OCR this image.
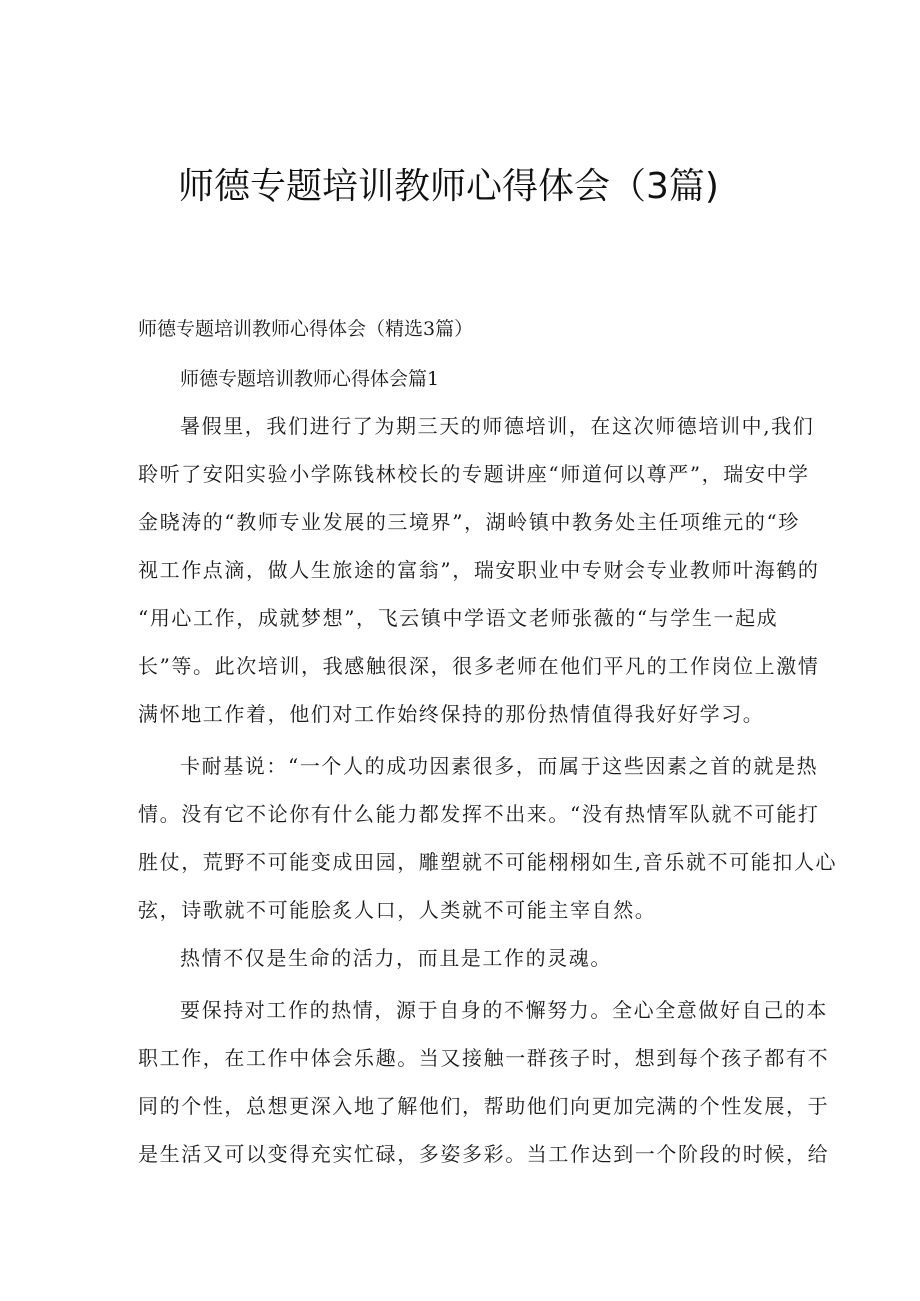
师德专题培训教师心得体会（3篇)

师德专题培训教师心得体会（精选3篇）

师德专题培训教师心得体会篇1

暑假里，我们进行了为期三天的师德培训，在这次师德培训中,我们

聆听了安阳实验小学陈钱林校长的专题讲座“师道何以尊严”，瑞安中学

金晓涛的“教师专业发展的三境界”，湖岭镇中教务处主任项维元的“珍

视工作点滴，做人生旅途的富翁”，瑞安职业中专财会专业教师叶海鹤的

“用心工作，成就梦想”，飞云镇中学语文老师张薇的“与学生一起成

长”等。此次培训，我感触很深，很多老师在他们平凡的工作岗位上激情

满怀地工作着，他们对工作始终保持的那份热情值得我好好学习。

卡耐基说：“一个人的成功因素很多，而属于这些因素之首的就是热

情。没有它不论你有什么能力都发挥不出来。“没有热情军队就不可能打

胜仗，荒野不可能变成田园，雕塑就不可能栩栩如生,音乐就不可能扣人心

弦，诗歌就不可能脍炙人口，人类就不可能主宰自然。

热情不仅是生命的活力，而且是工作的灵魂。

要保持对工作的热情，源于自身的不懈努力。全心全意做好自己的本

职工作，在工作中体会乐趣。当又接触一群孩子时，想到每个孩子都有不

同的个性，总想更深入地了解他们，帮助他们向更加完满的个性发展，于

是生活又可以变得充实忙碌，多姿多彩。当工作达到一个阶段的时候，给
